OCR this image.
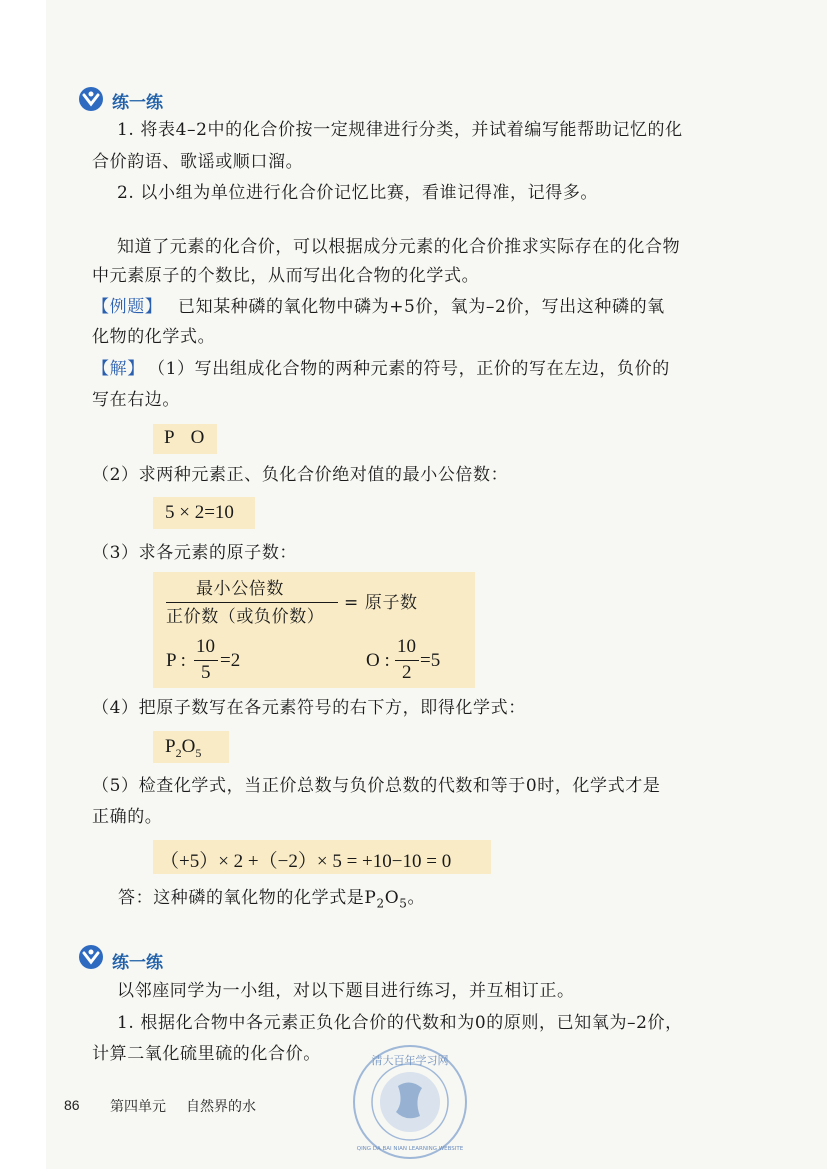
练一练
1. 将表4–2中的化合价按一定规律进行分类，并试着编写能帮助记忆的化
合价韵语、歌谣或顺口溜。
2. 以小组为单位进行化合价记忆比赛，看谁记得准，记得多。
知道了元素的化合价，可以根据成分元素的化合价推求实际存在的化合物
中元素原子的个数比，从而写出化合物的化学式。
【例题】 已知某种磷的氧化物中磷为+5价，氧为–2价，写出这种磷的氧
化物的化学式。
【解】 （1）写出组成化合物的两种元素的符号，正价的写在左边，负价的
写在右边。
P O
（2）求两种元素正、负化合价绝对值的最小公倍数：
5 × 2=10
（3）求各元素的原子数：
最小公倍数
正价数（或负价数）
= 原子数
P :
10
5
=2	O :
10
2
=5
（4）把原子数写在各元素符号的右下方，即得化学式：
$P_2O_5$
（5）检查化学式，当正价总数与负价总数的代数和等于0时，化学式才是
正确的。
（+5）× 2 +（−2）× 5 = +10−10 = 0
答：这种磷的氧化物的化学式是$P_2O_5$。
练一练
以邻座同学为一小组，对以下题目进行练习，并互相订正。
1. 根据化合物中各元素正负化合价的代数和为0的原则，已知氧为–2价，
计算二氧化硫里硫的化合价。
86 第四单元 自然界的水
清大百年学习网
QING DA BAI NIAN LEARNING WEBSITE
